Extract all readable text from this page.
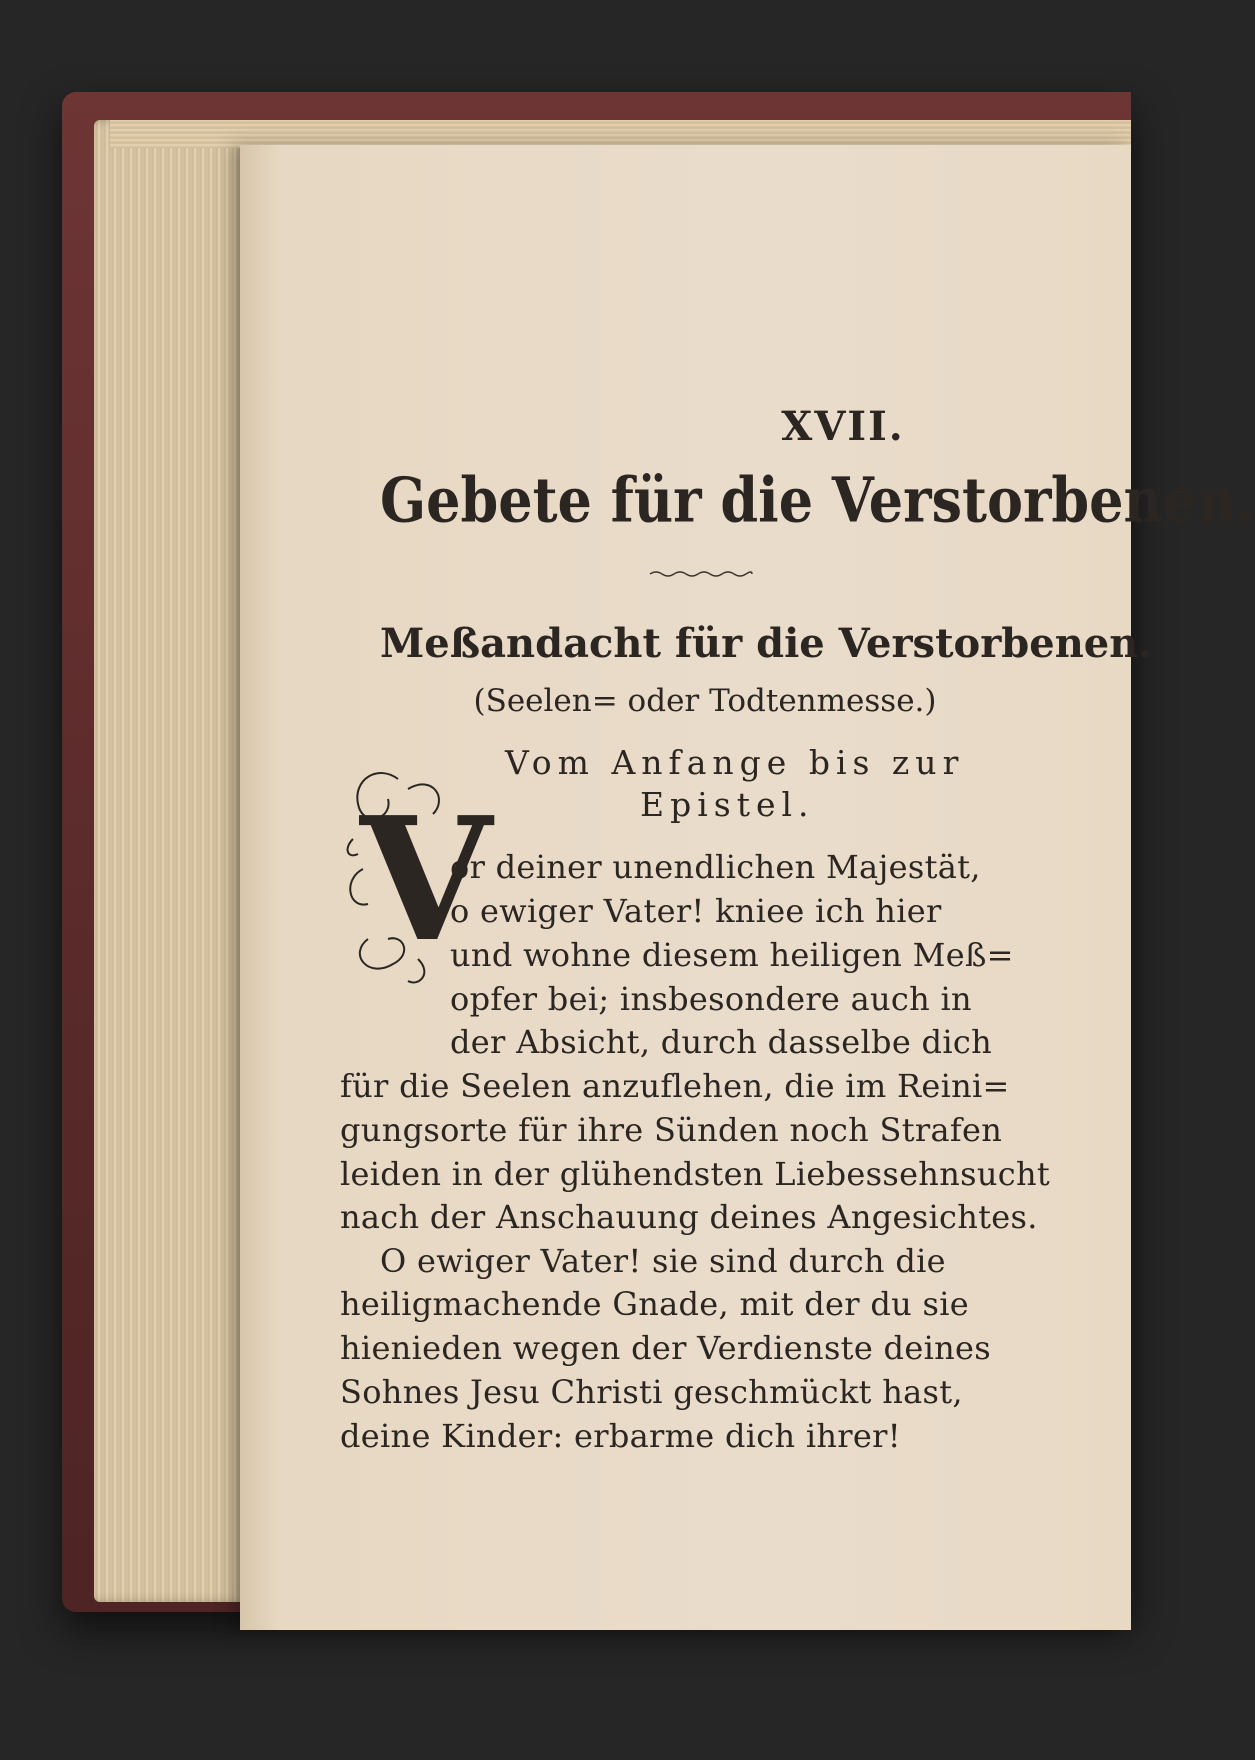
XVII.
Gebete für die Verstorbenen.
Meßandacht für die Verstorbenen.
(Seelen= oder Todtenmesse.)
Vom Anfange bis zur
Epistel.
V
or deiner unendlichen Majestät,
o ewiger Vater! kniee ich hier
und wohne diesem heiligen Meß=
opfer bei; insbesondere auch in
der Absicht, durch dasselbe dich
für die Seelen anzuflehen, die im Reini=
gungsorte für ihre Sünden noch Strafen
leiden in der glühendsten Liebessehnsucht
nach der Anschauung deines Angesichtes.
O ewiger Vater! sie sind durch die
heiligmachende Gnade, mit der du sie
hienieden wegen der Verdienste deines
Sohnes Jesu Christi geschmückt hast,
deine Kinder: erbarme dich ihrer!
